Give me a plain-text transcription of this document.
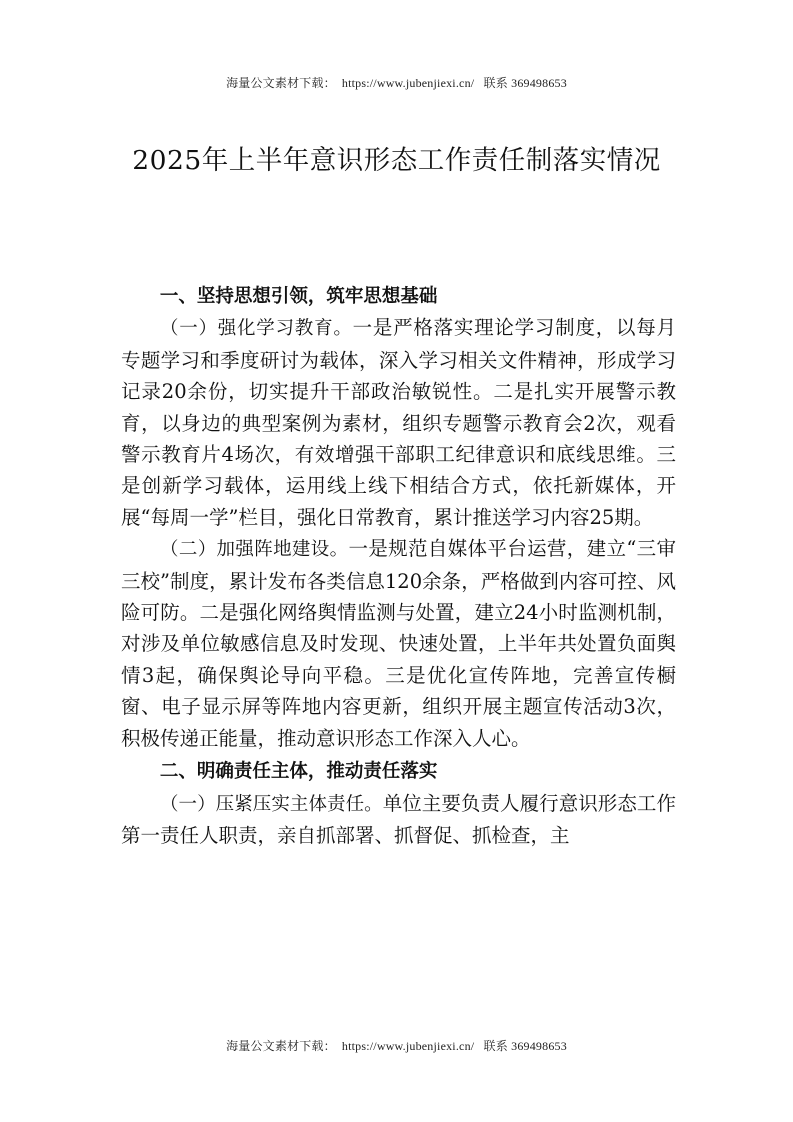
海量公文素材下载： https://www.jubenjiexi.cn/ 联系 369498653
2025年上半年意识形态工作责任制落实情况

一、坚持思想引领，筑牢思想基础

（一）强化学习教育。一是严格落实理论学习制度，以每月专题学习和季度研讨为载体，深入学习相关文件精神，形成学习记录20余份，切实提升干部政治敏锐性。二是扎实开展警示教育，以身边的典型案例为素材，组织专题警示教育会2次，观看警示教育片4场次，有效增强干部职工纪律意识和底线思维。三是创新学习载体，运用线上线下相结合方式，依托新媒体，开展“每周一学”栏目，强化日常教育，累计推送学习内容25期。

（二）加强阵地建设。一是规范自媒体平台运营，建立“三审三校”制度，累计发布各类信息120余条，严格做到内容可控、风险可防。二是强化网络舆情监测与处置，建立24小时监测机制，对涉及单位敏感信息及时发现、快速处置，上半年共处置负面舆情3起，确保舆论导向平稳。三是优化宣传阵地，完善宣传橱窗、电子显示屏等阵地内容更新，组织开展主题宣传活动3次，积极传递正能量，推动意识形态工作深入人心。

二、明确责任主体，推动责任落实

（一）压紧压实主体责任。单位主要负责人履行意识形态工作第一责任人职责，亲自抓部署、抓督促、抓检查，主

海量公文素材下载： https://www.jubenjiexi.cn/ 联系 369498653
